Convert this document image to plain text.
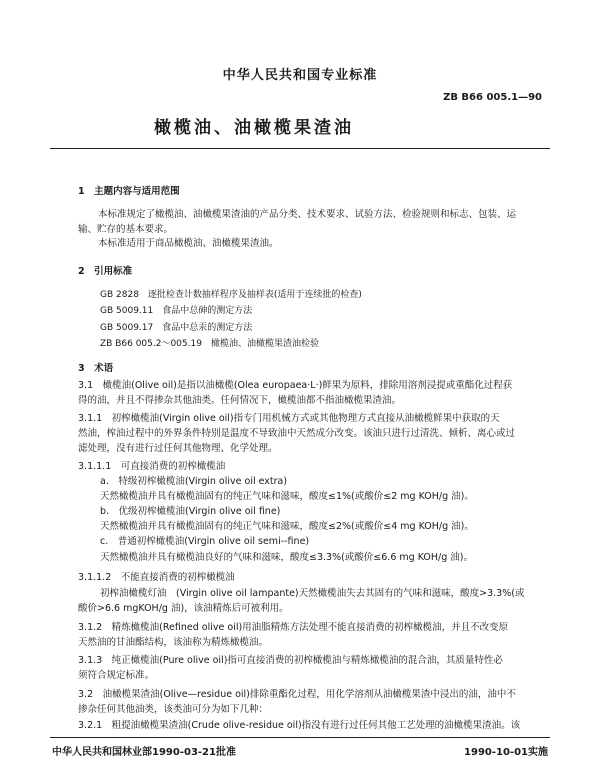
中华人民共和国专业标准
ZB B66 005.1—90
橄榄油、油橄榄果渣油
1　主题内容与适用范围
本标准规定了橄榄油、油橄榄果渣油的产品分类、技术要求、试验方法、检验规则和标志、包装、运
输、贮存的基本要求。
本标准适用于商品橄榄油、油橄榄果渣油。
2　引用标准
GB 2828　逐批检查计数抽样程序及抽样表(适用于连续批的检查)
GB 5009.11　食品中总砷的测定方法
GB 5009.17　食品中总汞的测定方法
ZB B66 005.2～005.19　橄榄油、油橄榄果渣油检验
3　术语
3.1　橄榄油(Olive oil)是指以油橄榄(Olea europaea·L·)鲜果为原料，排除用溶剂浸提或重酯化过程获
得的油，并且不得掺杂其他油类。任何情况下，橄榄油都不指油橄榄果渣油。
3.1.1　初榨橄榄油(Virgin olive oil)指专门用机械方式或其他物理方式直接从油橄榄鲜果中获取的天
然油，榨油过程中的外界条件特别是温度不导致油中天然成分改变。该油只进行过清洗、倾析、离心或过
滤处理，没有进行过任何其他物理、化学处理。
3.1.1.1　可直接消费的初榨橄榄油
a.　特级初榨橄榄油(Virgin olive oil extra)
天然橄榄油并具有橄榄油固有的纯正气味和滋味，酸度≤1%(或酸价≤2 mg KOH/g 油)。
b.　优级初榨橄榄油(Virgin olive oil fine)
天然橄榄油并具有橄榄油固有的纯正气味和滋味，酸度≤2%(或酸价≤4 mg KOH/g 油)。
c.　普通初榨橄榄油(Virgin olive oil semi--fine)
天然橄榄油并具有橄榄油良好的气味和滋味，酸度≤3.3%(或酸价≤6.6 mg KOH/g 油)。
3.1.1.2　不能直接消费的初榨橄榄油
初榨油橄榄灯油　(Virgin olive oil lampante)天然橄榄油失去其固有的气味和滋味，酸度>3.3%(或
酸价>6.6 mgKOH/g 油)，该油精炼后可被利用。
3.1.2　精炼橄榄油(Refined olive oil)用油脂精炼方法处理不能直接消费的初榨橄榄油，并且不改变原
天然油的甘油酯结构，该油称为精炼橄榄油。
3.1.3　纯正橄榄油(Pure olive oil)指可直接消费的初榨橄榄油与精炼橄榄油的混合油，其质量特性必
须符合规定标准。
3.2　油橄榄果渣油(Olive—residue oil)排除重酯化过程，用化学溶剂从油橄榄果渣中浸出的油，油中不
掺杂任何其他油类，该类油可分为如下几种：
3.2.1　粗提油橄榄果渣油(Crude olive-residue oil)指没有进行过任何其他工艺处理的油橄榄果渣油。该
中华人民共和国林业部1990-03-21批准	1990-10-01实施
